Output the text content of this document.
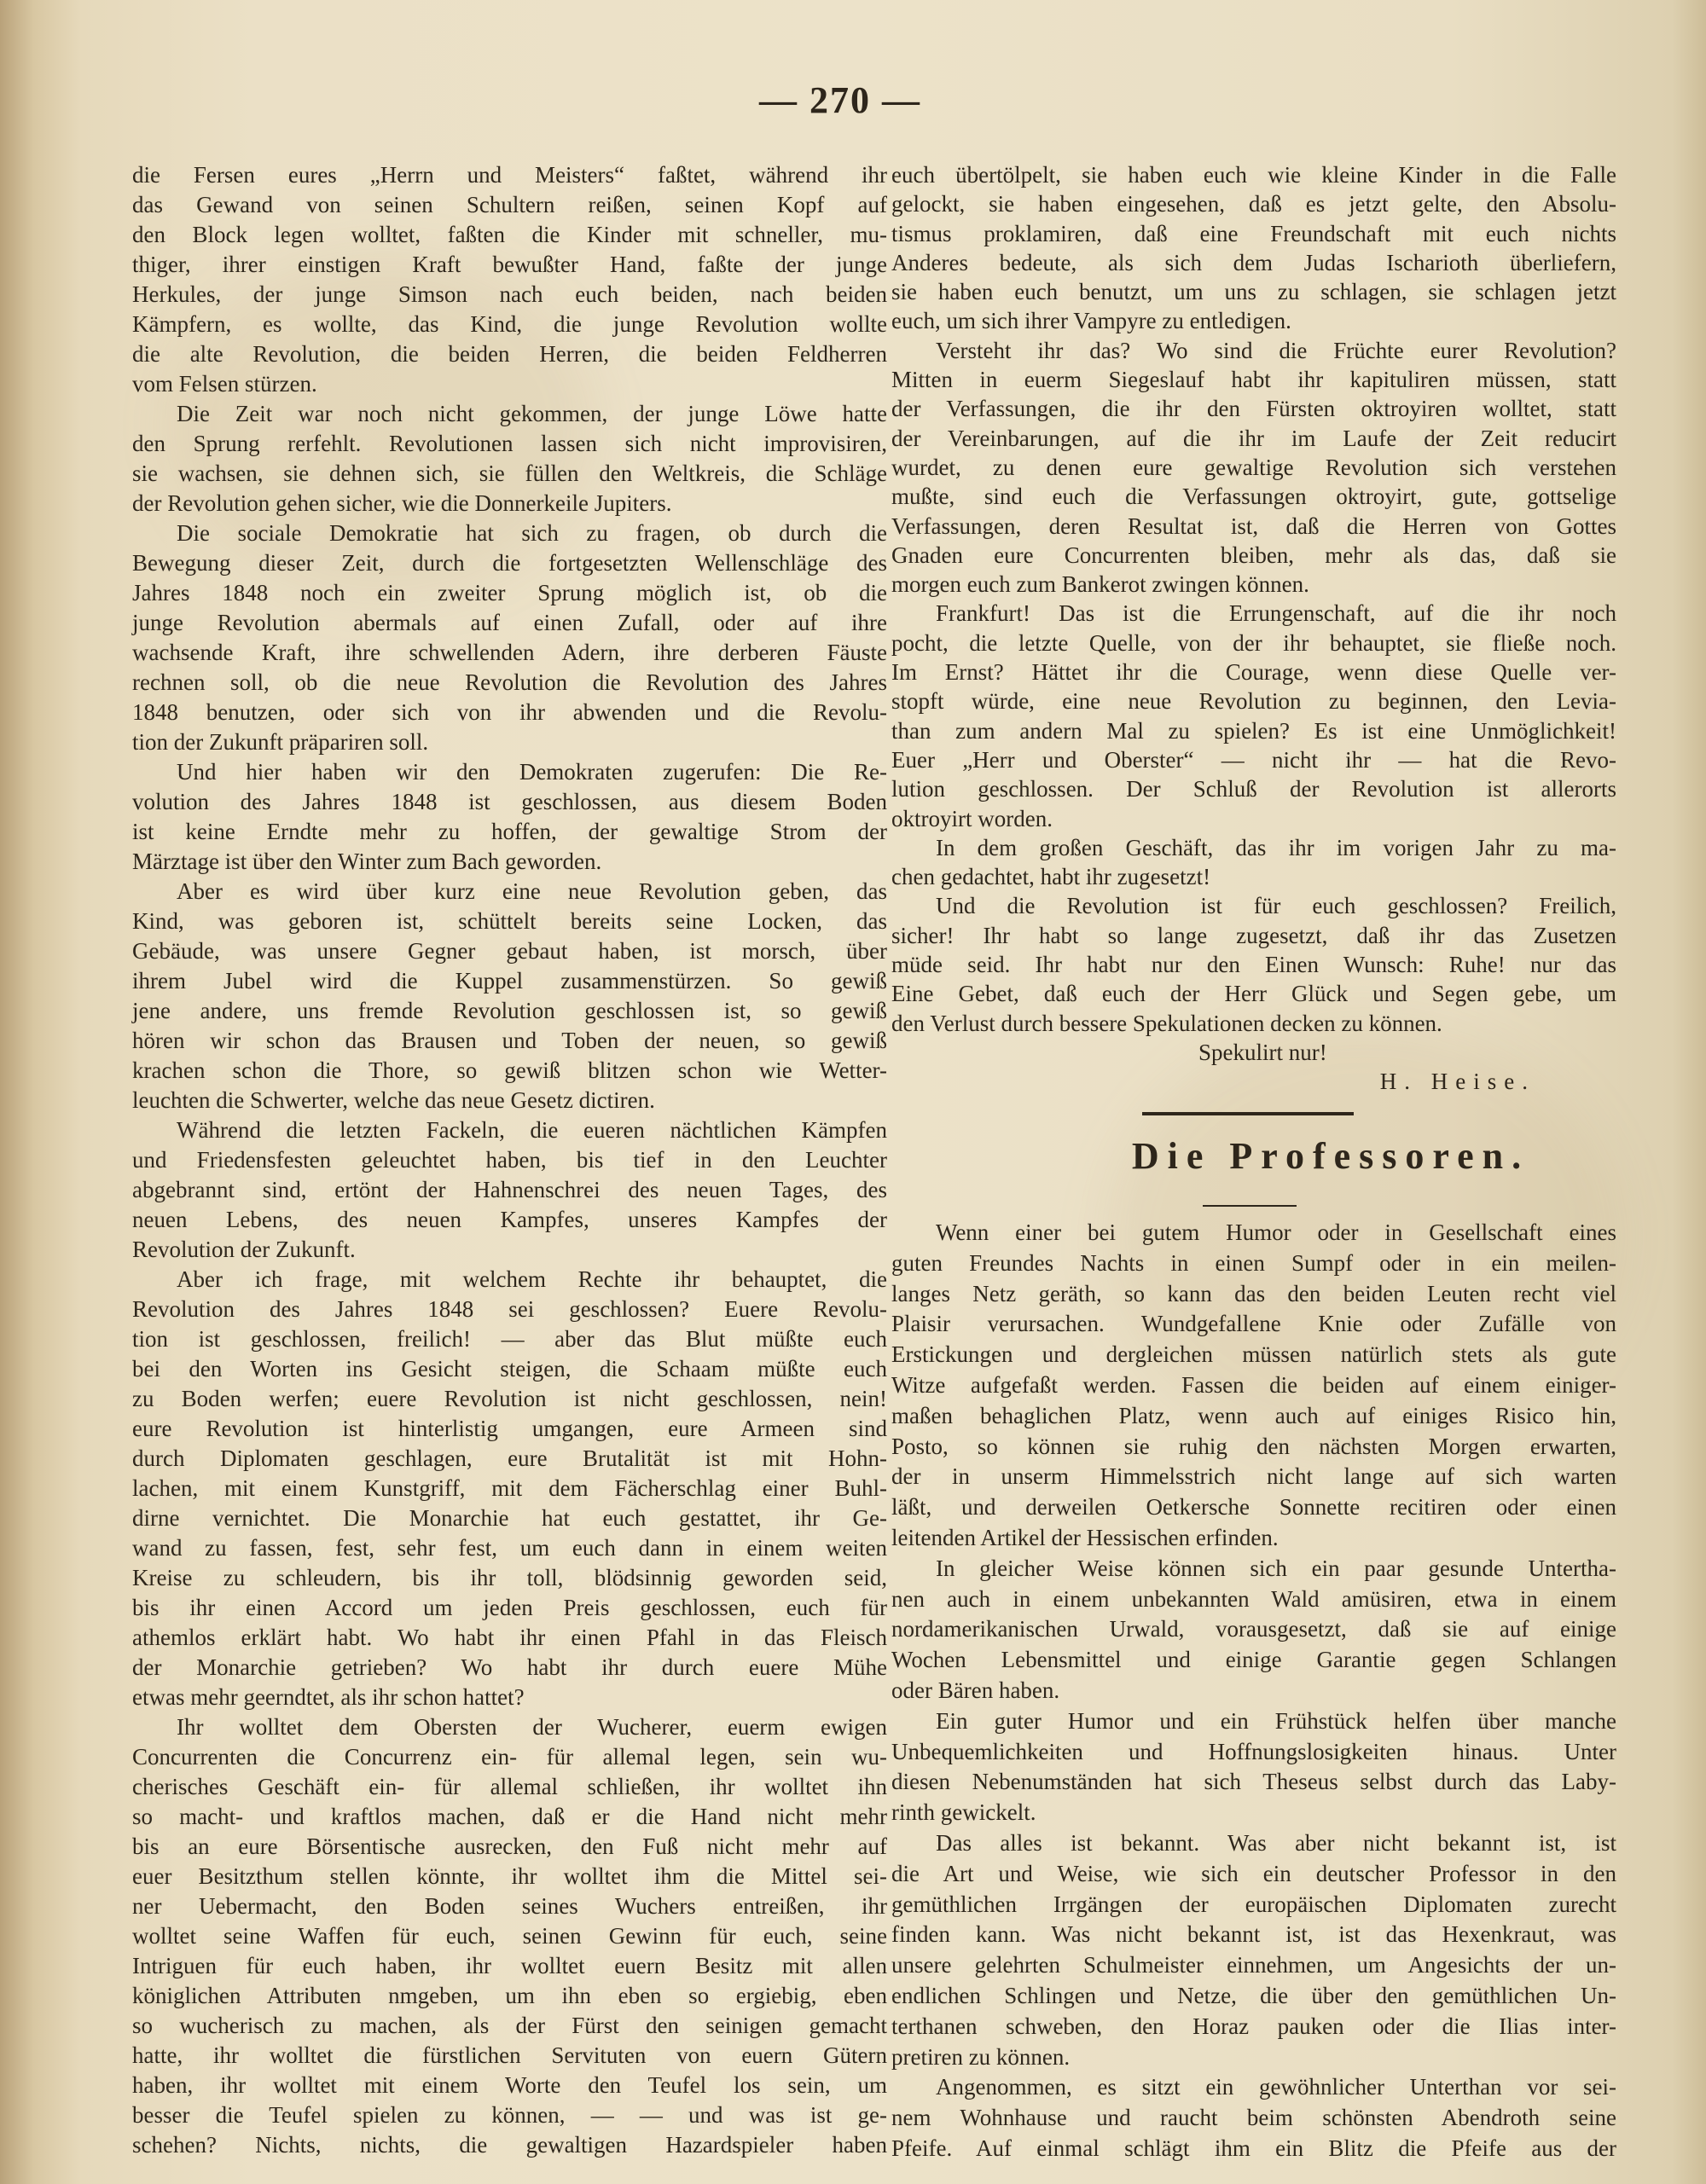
— 270 —
die Fersen eures „Herrn und Meisters“ faßtet, während ihr
das Gewand von seinen Schultern reißen, seinen Kopf auf
den Block legen wolltet, faßten die Kinder mit schneller, mu-
thiger, ihrer einstigen Kraft bewußter Hand, faßte der junge
Herkules, der junge Simson nach euch beiden, nach beiden
Kämpfern, es wollte, das Kind, die junge Revolution wollte
die alte Revolution, die beiden Herren, die beiden Feldherren
vom Felsen stürzen.
Die Zeit war noch nicht gekommen, der junge Löwe hatte
den Sprung rerfehlt. Revolutionen lassen sich nicht improvisiren,
sie wachsen, sie dehnen sich, sie füllen den Weltkreis, die Schläge
der Revolution gehen sicher, wie die Donnerkeile Jupiters.
Die sociale Demokratie hat sich zu fragen, ob durch die
Bewegung dieser Zeit, durch die fortgesetzten Wellenschläge des
Jahres 1848 noch ein zweiter Sprung möglich ist, ob die
junge Revolution abermals auf einen Zufall, oder auf ihre
wachsende Kraft, ihre schwellenden Adern, ihre derberen Fäuste
rechnen soll, ob die neue Revolution die Revolution des Jahres
1848 benutzen, oder sich von ihr abwenden und die Revolu-
tion der Zukunft präpariren soll.
Und hier haben wir den Demokraten zugerufen: Die Re-
volution des Jahres 1848 ist geschlossen, aus diesem Boden
ist keine Erndte mehr zu hoffen, der gewaltige Strom der
Märztage ist über den Winter zum Bach geworden.
Aber es wird über kurz eine neue Revolution geben, das
Kind, was geboren ist, schüttelt bereits seine Locken, das
Gebäude, was unsere Gegner gebaut haben, ist morsch, über
ihrem Jubel wird die Kuppel zusammenstürzen. So gewiß
jene andere, uns fremde Revolution geschlossen ist, so gewiß
hören wir schon das Brausen und Toben der neuen, so gewiß
krachen schon die Thore, so gewiß blitzen schon wie Wetter-
leuchten die Schwerter, welche das neue Gesetz dictiren.
Während die letzten Fackeln, die eueren nächtlichen Kämpfen
und Friedensfesten geleuchtet haben, bis tief in den Leuchter
abgebrannt sind, ertönt der Hahnenschrei des neuen Tages, des
neuen Lebens, des neuen Kampfes, unseres Kampfes der
Revolution der Zukunft.
Aber ich frage, mit welchem Rechte ihr behauptet, die
Revolution des Jahres 1848 sei geschlossen? Euere Revolu-
tion ist geschlossen, freilich! — aber das Blut müßte euch
bei den Worten ins Gesicht steigen, die Schaam müßte euch
zu Boden werfen; euere Revolution ist nicht geschlossen, nein!
eure Revolution ist hinterlistig umgangen, eure Armeen sind
durch Diplomaten geschlagen, eure Brutalität ist mit Hohn-
lachen, mit einem Kunstgriff, mit dem Fächerschlag einer Buhl-
dirne vernichtet. Die Monarchie hat euch gestattet, ihr Ge-
wand zu fassen, fest, sehr fest, um euch dann in einem weiten
Kreise zu schleudern, bis ihr toll, blödsinnig geworden seid,
bis ihr einen Accord um jeden Preis geschlossen, euch für
athemlos erklärt habt. Wo habt ihr einen Pfahl in das Fleisch
der Monarchie getrieben? Wo habt ihr durch euere Mühe
etwas mehr geerndtet, als ihr schon hattet?
Ihr wolltet dem Obersten der Wucherer, euerm ewigen
Concurrenten die Concurrenz ein- für allemal legen, sein wu-
cherisches Geschäft ein- für allemal schließen, ihr wolltet ihn
so macht- und kraftlos machen, daß er die Hand nicht mehr
bis an eure Börsentische ausrecken, den Fuß nicht mehr auf
euer Besitzthum stellen könnte, ihr wolltet ihm die Mittel sei-
ner Uebermacht, den Boden seines Wuchers entreißen, ihr
wolltet seine Waffen für euch, seinen Gewinn für euch, seine
Intriguen für euch haben, ihr wolltet euern Besitz mit allen
königlichen Attributen nmgeben, um ihn eben so ergiebig, eben
so wucherisch zu machen, als der Fürst den seinigen gemacht
hatte, ihr wolltet die fürstlichen Servituten von euern Gütern
haben, ihr wolltet mit einem Worte den Teufel los sein, um
besser die Teufel spielen zu können, — — und was ist ge-
schehen? Nichts, nichts, die gewaltigen Hazardspieler haben
euch übertölpelt, sie haben euch wie kleine Kinder in die Falle
gelockt, sie haben eingesehen, daß es jetzt gelte, den Absolu-
tismus proklamiren, daß eine Freundschaft mit euch nichts
Anderes bedeute, als sich dem Judas Ischarioth überliefern,
sie haben euch benutzt, um uns zu schlagen, sie schlagen jetzt
euch, um sich ihrer Vampyre zu entledigen.
Versteht ihr das? Wo sind die Früchte eurer Revolution?
Mitten in euerm Siegeslauf habt ihr kapituliren müssen, statt
der Verfassungen, die ihr den Fürsten oktroyiren wolltet, statt
der Vereinbarungen, auf die ihr im Laufe der Zeit reducirt
wurdet, zu denen eure gewaltige Revolution sich verstehen
mußte, sind euch die Verfassungen oktroyirt, gute, gottselige
Verfassungen, deren Resultat ist, daß die Herren von Gottes
Gnaden eure Concurrenten bleiben, mehr als das, daß sie
morgen euch zum Bankerot zwingen können.
Frankfurt! Das ist die Errungenschaft, auf die ihr noch
pocht, die letzte Quelle, von der ihr behauptet, sie fließe noch.
Im Ernst? Hättet ihr die Courage, wenn diese Quelle ver-
stopft würde, eine neue Revolution zu beginnen, den Levia-
than zum andern Mal zu spielen? Es ist eine Unmöglichkeit!
Euer „Herr und Oberster“ — nicht ihr — hat die Revo-
lution geschlossen. Der Schluß der Revolution ist allerorts
oktroyirt worden.
In dem großen Geschäft, das ihr im vorigen Jahr zu ma-
chen gedachtet, habt ihr zugesetzt!
Und die Revolution ist für euch geschlossen? Freilich,
sicher! Ihr habt so lange zugesetzt, daß ihr das Zusetzen
müde seid. Ihr habt nur den Einen Wunsch: Ruhe! nur das
Eine Gebet, daß euch der Herr Glück und Segen gebe, um
den Verlust durch bessere Spekulationen decken zu können.
Spekulirt nur!
H. Heise.
Die Professoren.
Wenn einer bei gutem Humor oder in Gesellschaft eines
guten Freundes Nachts in einen Sumpf oder in ein meilen-
langes Netz geräth, so kann das den beiden Leuten recht viel
Plaisir verursachen. Wundgefallene Knie oder Zufälle von
Erstickungen und dergleichen müssen natürlich stets als gute
Witze aufgefaßt werden. Fassen die beiden auf einem einiger-
maßen behaglichen Platz, wenn auch auf einiges Risico hin,
Posto, so können sie ruhig den nächsten Morgen erwarten,
der in unserm Himmelsstrich nicht lange auf sich warten
läßt, und derweilen Oetkersche Sonnette recitiren oder einen
leitenden Artikel der Hessischen erfinden.
In gleicher Weise können sich ein paar gesunde Unterthа-
nen auch in einem unbekannten Wald amüsiren, etwa in einem
nordamerikanischen Urwald, vorausgesetzt, daß sie auf einige
Wochen Lebensmittel und einige Garantie gegen Schlangen
oder Bären haben.
Ein guter Humor und ein Frühstück helfen über manche
Unbequemlichkeiten und Hoffnungslosigkeiten hinaus. Unter
diesen Nebenumständen hat sich Theseus selbst durch das Laby-
rinth gewickelt.
Das alles ist bekannt. Was aber nicht bekannt ist, ist
die Art und Weise, wie sich ein deutscher Professor in den
gemüthlichen Irrgängen der europäischen Diplomaten zurecht
finden kann. Was nicht bekannt ist, ist das Hexenkraut, was
unsere gelehrten Schulmeister einnehmen, um Angesichts der un-
endlichen Schlingen und Netze, die über den gemüthlichen Un-
terthanen schweben, den Horaz pauken oder die Ilias inter-
pretiren zu können.
Angenommen, es sitzt ein gewöhnlicher Unterthan vor sei-
nem Wohnhause und raucht beim schönsten Abendroth seine
Pfeife. Auf einmal schlägt ihm ein Blitz die Pfeife aus der
